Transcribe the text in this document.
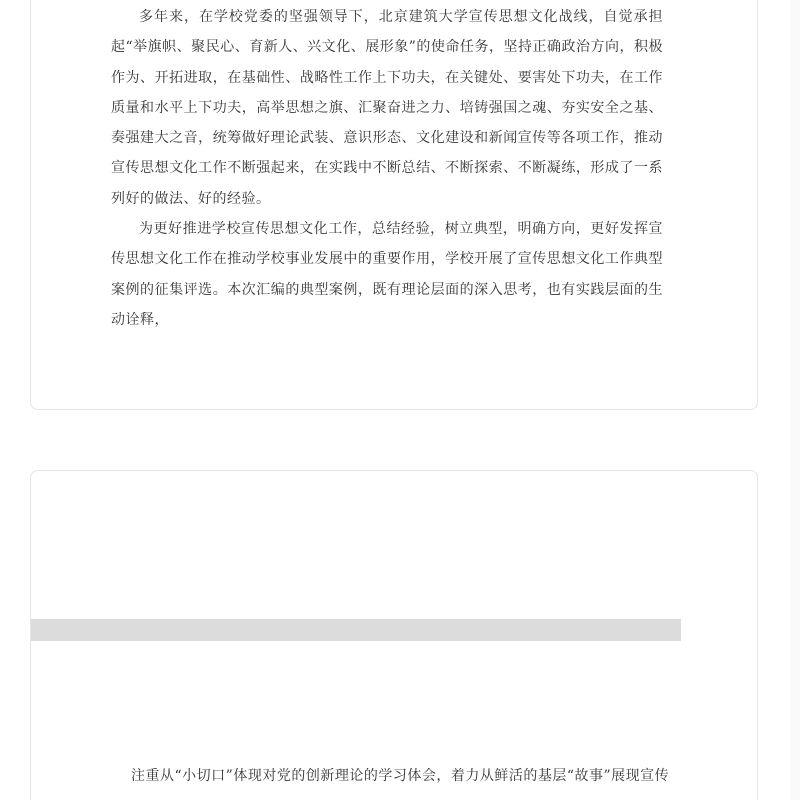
多年来，在学校党委的坚强领导下，北京建筑大学宣传思想文化战线，自觉承担起“举旗帜、聚民心、育新人、兴文化、展形象”的使命任务，坚持正确政治方向，积极作为、开拓进取，在基础性、战略性工作上下功夫，在关键处、要害处下功夫，在工作质量和水平上下功夫，高举思想之旗、汇聚奋进之力、培铸强国之魂、夯实安全之基、奏强建大之音，统筹做好理论武装、意识形态、文化建设和新闻宣传等各项工作，推动宣传思想文化工作不断强起来，在实践中不断总结、不断探索、不断凝练，形成了一系列好的做法、好的经验。

为更好推进学校宣传思想文化工作，总结经验，树立典型，明确方向，更好发挥宣传思想文化工作在推动学校事业发展中的重要作用，学校开展了宣传思想文化工作典型案例的征集评选。本次汇编的典型案例，既有理论层面的深入思考，也有实践层面的生动诠释，

注重从“小切口”体现对党的创新理论的学习体会，着力从鲜活的基层“故事”展现宣传
